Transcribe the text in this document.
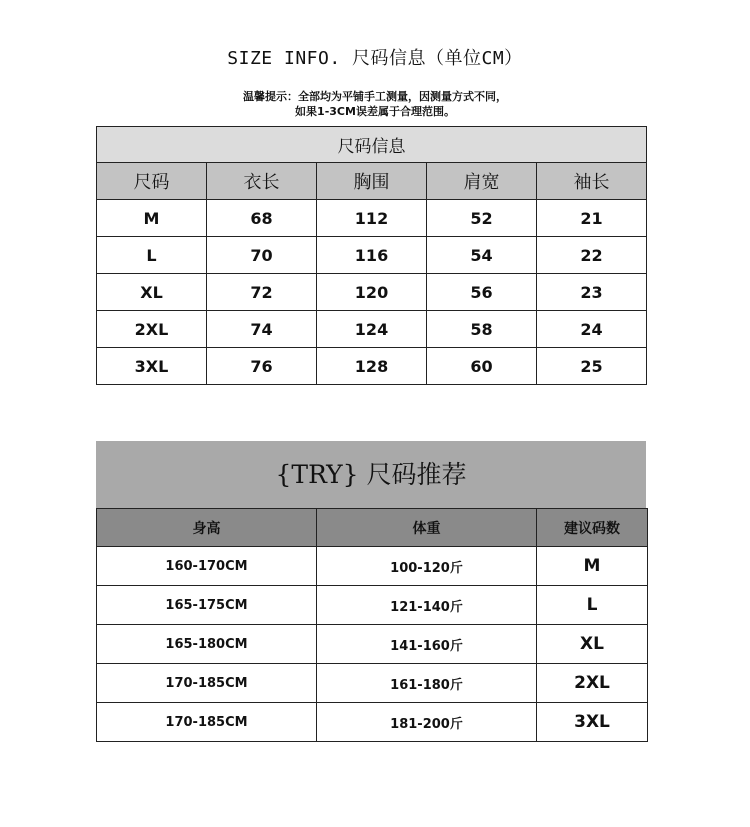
SIZE INFO. 尺码信息（单位CM）
温馨提示：全部均为平铺手工测量，因测量方式不同，
如果1-3CM误差属于合理范围。
尺码信息				
尺码	衣长	胸围	肩宽	袖长
M	68	112	52	21
L	70	116	54	22
XL	72	120	56	23
2XL	74	124	58	24
3XL	76	128	60	25
{TRY} 尺码推荐
身高	体重	建议码数
160-170CM	100-120斤	M
165-175CM	121-140斤	L
165-180CM	141-160斤	XL
170-185CM	161-180斤	2XL
170-185CM	181-200斤	3XL
